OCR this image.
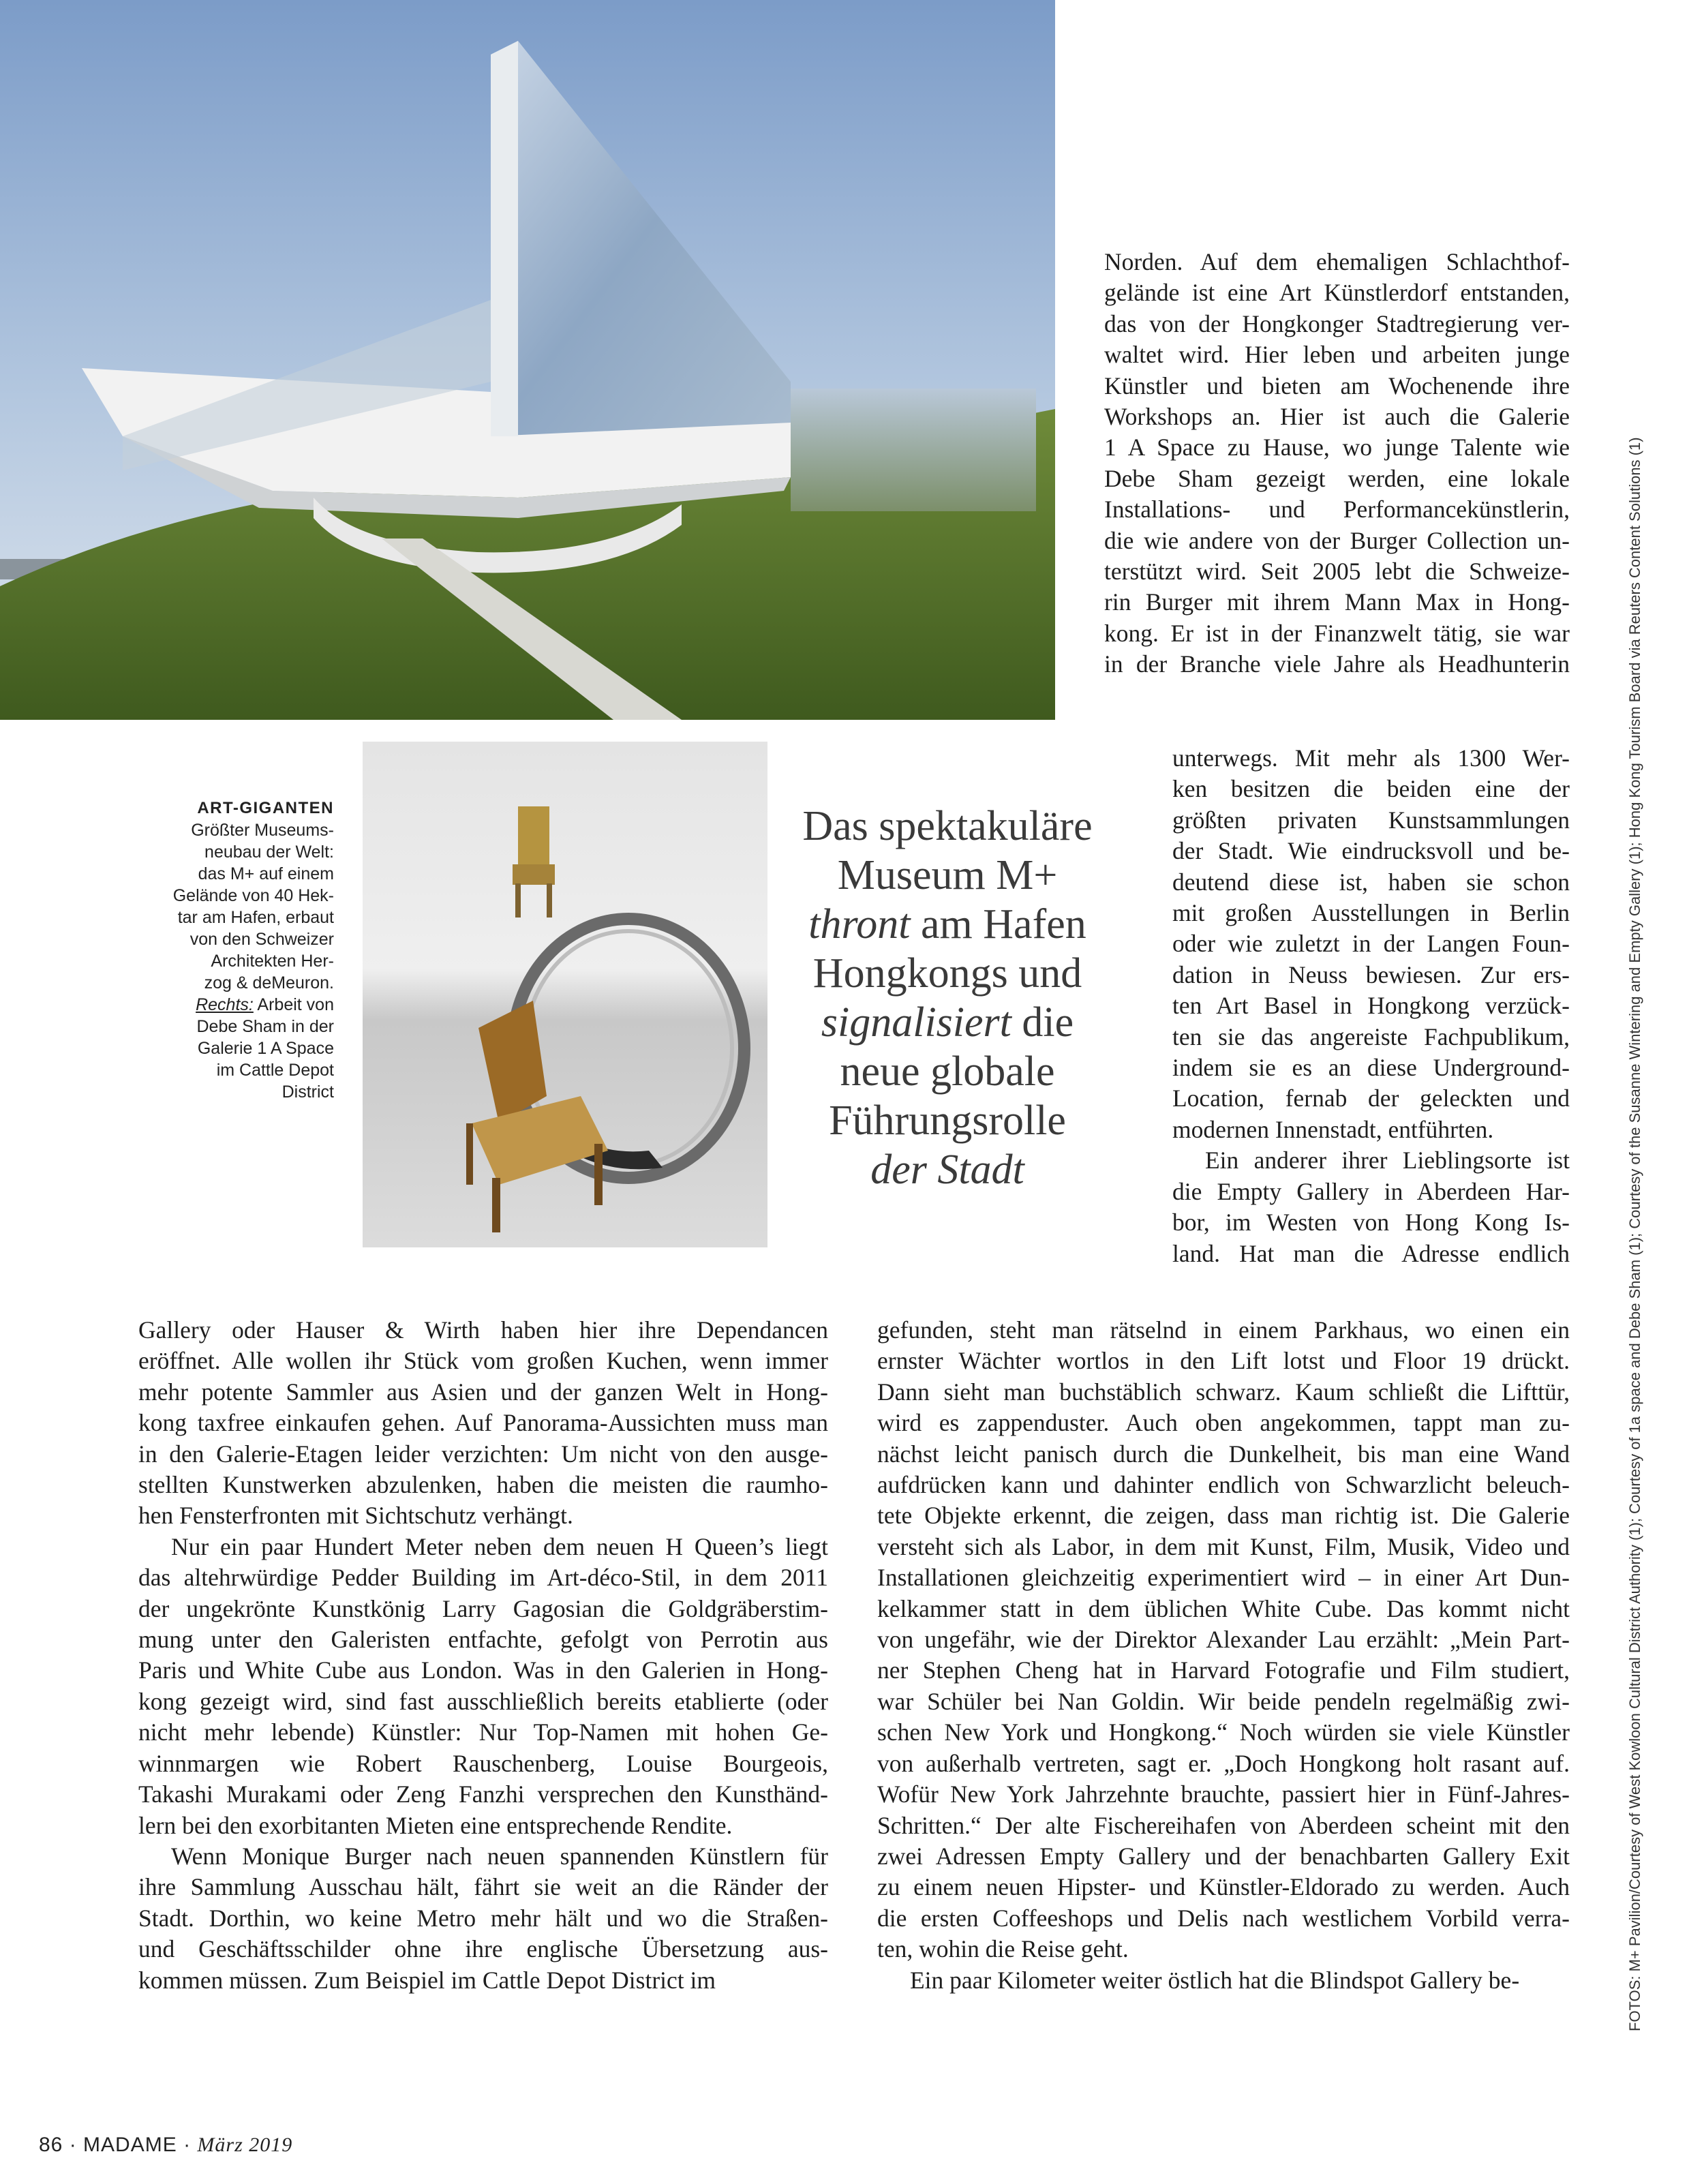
ART-GIGANTEN
Größter Museums-
neubau der Welt:
das M+ auf einem
Gelände von 40 Hek-
tar am Hafen, erbaut
von den Schweizer
Architekten Her-
zog & deMeuron.
Rechts: Arbeit von
Debe Sham in der
Galerie 1 A Space
im Cattle Depot
District
Das spektakuläre
Museum M+
thront am Hafen
Hongkongs und
signalisiert die
neue globale
Führungsrolle
der Stadt
Norden. Auf dem ehemaligen Schlachthof-
gelände ist eine Art Künstlerdorf entstanden,
das von der Hongkonger Stadtregierung ver-
waltet wird. Hier leben und arbeiten junge
Künstler und bieten am Wochenende ihre
Workshops an. Hier ist auch die Galerie
1 A Space zu Hause, wo junge Talente wie
Debe Sham gezeigt werden, eine lokale
Installations- und Performancekünstlerin,
die wie andere von der Burger Collection un-
terstützt wird. Seit 2005 lebt die Schweize-
rin Burger mit ihrem Mann Max in Hong-
kong. Er ist in der Finanzwelt tätig, sie war
in der Branche viele Jahre als Headhunterin
unterwegs. Mit mehr als 1300 Wer-
ken besitzen die beiden eine der
größten privaten Kunstsammlungen
der Stadt. Wie eindrucksvoll und be-
deutend diese ist, haben sie schon
mit großen Ausstellungen in Berlin
oder wie zuletzt in der Langen Foun-
dation in Neuss bewiesen. Zur ers-
ten Art Basel in Hongkong verzück-
ten sie das angereiste Fachpublikum,
indem sie es an diese Underground-
Location, fernab der geleckten und
modernen Innenstadt, entführten.
Ein anderer ihrer Lieblingsorte ist
die Empty Gallery in Aberdeen Har-
bor, im Westen von Hong Kong Is-
land. Hat man die Adresse endlich
gefunden, steht man rätselnd in einem Parkhaus, wo einen ein
ernster Wächter wortlos in den Lift lotst und Floor 19 drückt.
Dann sieht man buchstäblich schwarz. Kaum schließt die Lifttür,
wird es zappenduster. Auch oben angekommen, tappt man zu-
nächst leicht panisch durch die Dunkelheit, bis man eine Wand
aufdrücken kann und dahinter endlich von Schwarzlicht beleuch-
tete Objekte erkennt, die zeigen, dass man richtig ist. Die Galerie
versteht sich als Labor, in dem mit Kunst, Film, Musik, Video und
Installationen gleichzeitig experimentiert wird – in einer Art Dun-
kelkammer statt in dem üblichen White Cube. Das kommt nicht
von ungefähr, wie der Direktor Alexander Lau erzählt: „Mein Part-
ner Stephen Cheng hat in Harvard Fotografie und Film studiert,
war Schüler bei Nan Goldin. Wir beide pendeln regelmäßig zwi-
schen New York und Hongkong.“ Noch würden sie viele Künstler
von außerhalb vertreten, sagt er. „Doch Hongkong holt rasant auf.
Wofür New York Jahrzehnte brauchte, passiert hier in Fünf-Jahres-
Schritten.“ Der alte Fischereihafen von Aberdeen scheint mit den
zwei Adressen Empty Gallery und der benachbarten Gallery Exit
zu einem neuen Hipster- und Künstler-Eldorado zu werden. Auch
die ersten Coffeeshops und Delis nach westlichem Vorbild verra-
ten, wohin die Reise geht.
Ein paar Kilometer weiter östlich hat die Blindspot Gallery be-
Gallery oder Hauser & Wirth haben hier ihre Dependancen
eröffnet. Alle wollen ihr Stück vom großen Kuchen, wenn immer
mehr potente Sammler aus Asien und der ganzen Welt in Hong-
kong taxfree einkaufen gehen. Auf Panorama-Aussichten muss man
in den Galerie-Etagen leider verzichten: Um nicht von den ausge-
stellten Kunstwerken abzulenken, haben die meisten die raumho-
hen Fensterfronten mit Sichtschutz verhängt.
Nur ein paar Hundert Meter neben dem neuen H Queen’s liegt
das altehrwürdige Pedder Building im Art-déco-Stil, in dem 2011
der ungekrönte Kunstkönig Larry Gagosian die Goldgräberstim-
mung unter den Galeristen entfachte, gefolgt von Perrotin aus
Paris und White Cube aus London. Was in den Galerien in Hong-
kong gezeigt wird, sind fast ausschließlich bereits etablierte (oder
nicht mehr lebende) Künstler: Nur Top-Namen mit hohen Ge-
winnmargen wie Robert Rauschenberg, Louise Bourgeois,
Takashi Murakami oder Zeng Fanzhi versprechen den Kunsthänd-
lern bei den exorbitanten Mieten eine entsprechende Rendite.
Wenn Monique Burger nach neuen spannenden Künstlern für
ihre Sammlung Ausschau hält, fährt sie weit an die Ränder der
Stadt. Dorthin, wo keine Metro mehr hält und wo die Straßen-
und Geschäftsschilder ohne ihre englische Übersetzung aus-
kommen müssen. Zum Beispiel im Cattle Depot District im	FOTOS: M+ Pavilion/Courtesy of West Kowloon Cultural District Authority (1); Courtesy of 1a space and Debe Sham (1); Courtesy of the Susanne Wintering and Empty Gallery (1); Hong Kong Tourism Board via Reuters Content Solutions (1)
86 · MADAME · März 2019
